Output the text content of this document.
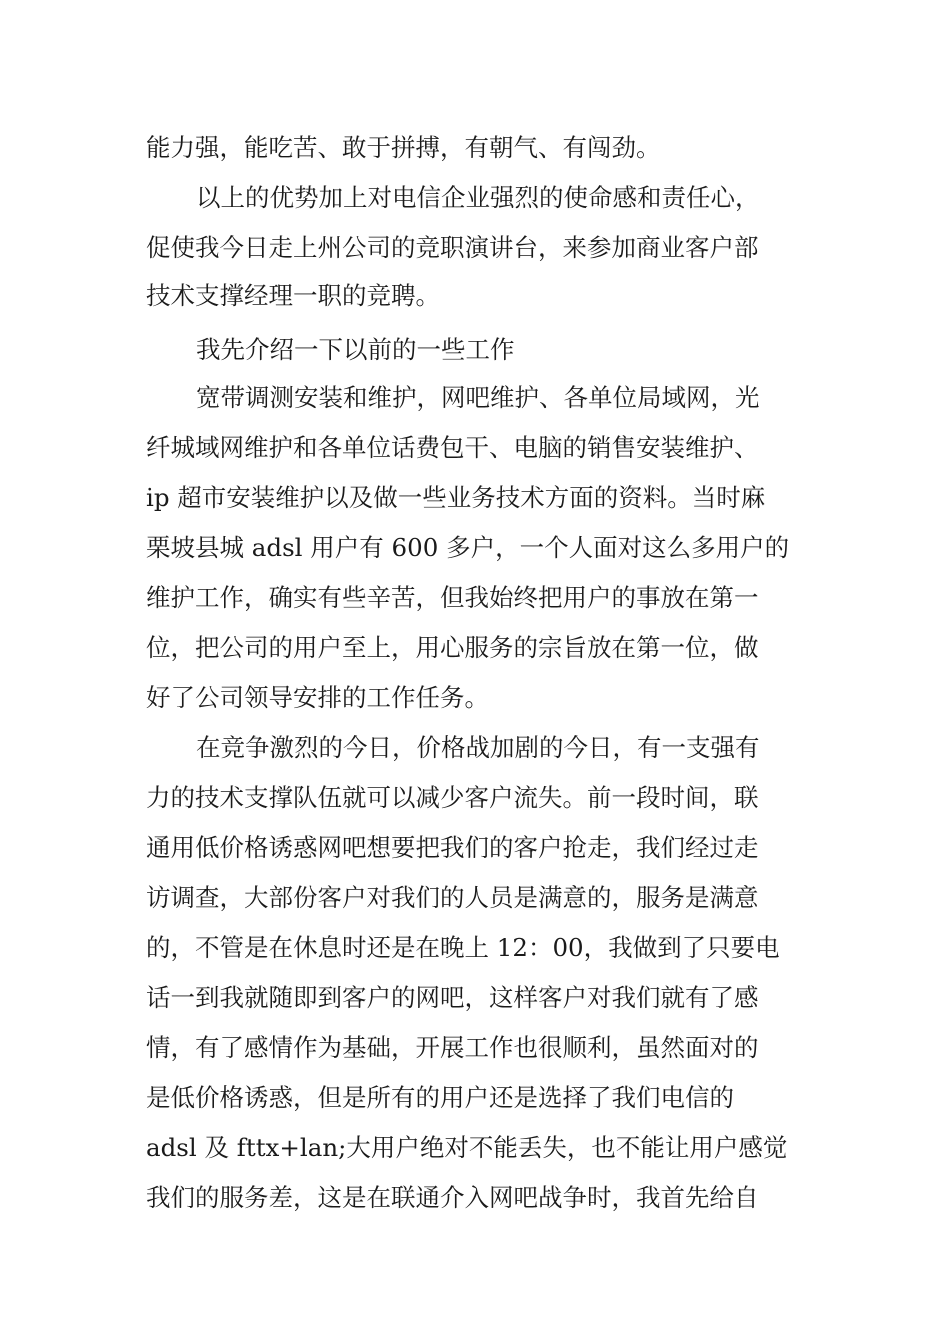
能力强，能吃苦、敢于拼搏，有朝气、有闯劲。

以上的优势加上对电信企业强烈的使命感和责任心，

促使我今日走上州公司的竞职演讲台，来参加商业客户部

技术支撑经理一职的竞聘。

我先介绍一下以前的一些工作

宽带调测安装和维护，网吧维护、各单位局域网，光

纤城域网维护和各单位话费包干、电脑的销售安装维护、

ip 超市安装维护以及做一些业务技术方面的资料。当时麻

栗坡县城 adsl 用户有 600 多户，一个人面对这么多用户的

维护工作，确实有些辛苦，但我始终把用户的事放在第一

位，把公司的用户至上，用心服务的宗旨放在第一位，做

好了公司领导安排的工作任务。

在竞争激烈的今日，价格战加剧的今日，有一支强有

力的技术支撑队伍就可以减少客户流失。前一段时间，联

通用低价格诱惑网吧想要把我们的客户抢走，我们经过走

访调查，大部份客户对我们的人员是满意的，服务是满意

的，不管是在休息时还是在晚上 12：00，我做到了只要电

话一到我就随即到客户的网吧，这样客户对我们就有了感

情，有了感情作为基础，开展工作也很顺利，虽然面对的

是低价格诱惑，但是所有的用户还是选择了我们电信的

adsl 及 fttx+lan;大用户绝对不能丢失，也不能让用户感觉

我们的服务差，这是在联通介入网吧战争时，我首先给自
